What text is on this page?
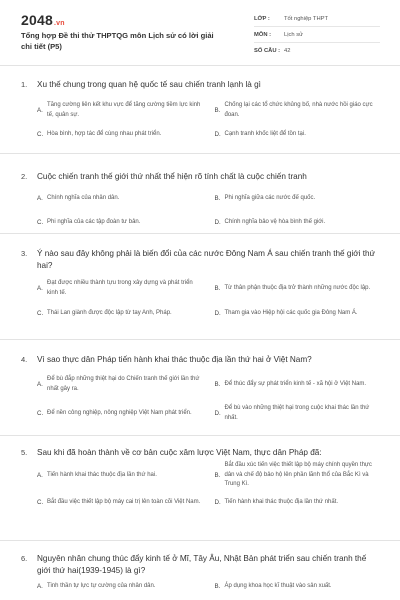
2048.vn
Tổng hợp Đề thi thử THPTQG môn Lịch sử có lời giải chi tiết (P5)
LỚP :	Tốt nghiệp THPT
MÔN :	Lịch sử
SỐ CÂU : 42
1.	Xu thế chung trong quan hệ quốc tế sau chiến tranh lạnh là gì
A.
Tăng cường liên kết khu vực để tăng cường tiềm lực kinh tế, quân sự.
B.
Chống lại các tổ chức khủng bố, nhà nước hồi giáo cực đoan.
C. Hòa bình, hợp tác để cùng nhau phát triển.	D. Cạnh tranh khốc liệt để tồn tại.
2.	Cuộc chiến tranh thế giới thứ nhất thể hiện rõ tính chất là cuộc chiến tranh
A. Chính nghĩa của nhân dân.	B. Phi nghĩa giữa các nước đế quốc.
C. Phi nghĩa của các tập đoàn tư bản.	D. Chính nghĩa bảo vệ hòa bình thế giới.
3.	Ý nào sau đây không phải là biến đổi của các nước Đông Nam Á sau chiến tranh thế giới thứ hai?
A.
Đạt được nhiều thành tựu trong xây dựng và phát triển kinh tế.
B. Từ thân phận thuộc địa trở thành những nước độc lập.
C. Thái Lan giành được độc lập từ tay Anh, Pháp.	D. Tham gia vào Hiệp hội các quốc gia Đông Nam Á.
4.	Vì sao thực dân Pháp tiến hành khai thác thuộc địa lần thứ hai ở Việt Nam?
A.
Để bù đắp những thiệt hại do Chiến tranh thế giới lần thứ nhất gây ra.
B. Để thúc đẩy sự phát triển kinh tế - xã hội ở Việt Nam.
C. Để nền công nghiệp, nông nghiệp Việt Nam phát triển.	D.
Để bù vào những thiệt hại trong cuộc khai thác lần thứ nhất.
5.	Sau khi đã hoàn thành về cơ bản cuộc xâm lược Việt Nam, thực dân Pháp đã:
A. Tiến hành khai thác thuộc địa lần thứ hai.	B.
Bắt đầu xúc tiến việc thiết lập bộ máy chính quyền thực dân và chế độ bảo hộ lên phần lãnh thổ của Bắc Kì và Trung Kì.
C. Bắt đầu việc thiết lập bộ máy cai trị lên toàn cõi Việt Nam.	D. Tiến hành khai thác thuộc địa lần thứ nhất.
6.	Nguyên nhân chung thúc đẩy kinh tế ở Mĩ, Tây Âu, Nhật Bản phát triển sau chiến tranh thế giới thứ hai(1939-1945) là gì?
A. Tinh thần tự lực tự cường của nhân dân.	B. Áp dụng khoa học kĩ thuật vào sản xuất.
